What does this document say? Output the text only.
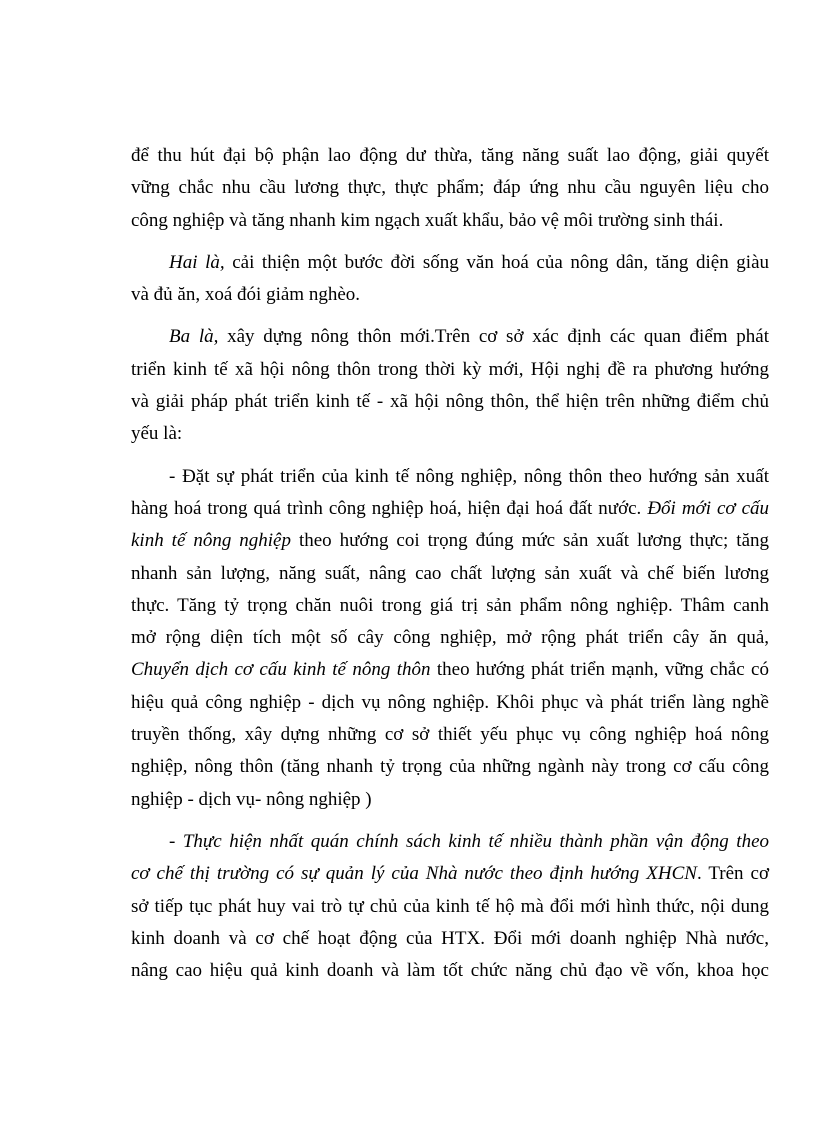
để thu hút đại bộ phận lao động dư thừa, tăng năng suất lao động, giải quyết
vững chắc nhu cầu lương thực, thực phẩm; đáp ứng nhu cầu nguyên liệu cho
công nghiệp và tăng nhanh kim ngạch xuất khẩu, bảo vệ môi trường sinh thái.
Hai là, cải thiện một bước đời sống văn hoá của nông dân, tăng diện giàu
và đủ ăn, xoá đói giảm nghèo.
Ba là, xây dựng nông thôn mới.Trên cơ sở xác định các quan điểm phát
triển kinh tế xã hội nông thôn trong thời kỳ mới, Hội nghị đề ra phương hướng
và giải pháp phát triển kinh tế - xã hội nông thôn, thể hiện trên những điểm chủ
yếu là:
- Đặt sự phát triển của kinh tế nông nghiệp, nông thôn theo hướng sản xuất
hàng hoá trong quá trình công nghiệp hoá, hiện đại hoá đất nước. Đổi mới cơ cấu
kinh tế nông nghiệp theo hướng coi trọng đúng mức sản xuất lương thực; tăng
nhanh sản lượng, năng suất, nâng cao chất lượng sản xuất và chế biến lương
thực. Tăng tỷ trọng chăn nuôi trong giá trị sản phẩm nông nghiệp. Thâm canh
mở rộng diện tích một số cây công nghiệp, mở rộng phát triển cây ăn quả,
Chuyển dịch cơ cấu kinh tế nông thôn theo hướng phát triển mạnh, vững chắc có
hiệu quả công nghiệp - dịch vụ nông nghiệp. Khôi phục và phát triển làng nghề
truyền thống, xây dựng những cơ sở thiết yếu phục vụ công nghiệp hoá nông
nghiệp, nông thôn (tăng nhanh tỷ trọng của những ngành này trong cơ cấu công
nghiệp - dịch vụ- nông nghiệp )
- Thực hiện nhất quán chính sách kinh tế nhiều thành phần vận động theo
cơ chế thị trường có sự quản lý của Nhà nước theo định hướng XHCN. Trên cơ
sở tiếp tục phát huy vai trò tự chủ của kinh tế hộ mà đổi mới hình thức, nội dung
kinh doanh và cơ chế hoạt động của HTX. Đổi mới doanh nghiệp Nhà nước,
nâng cao hiệu quả kinh doanh và làm tốt chức năng chủ đạo về vốn, khoa học
